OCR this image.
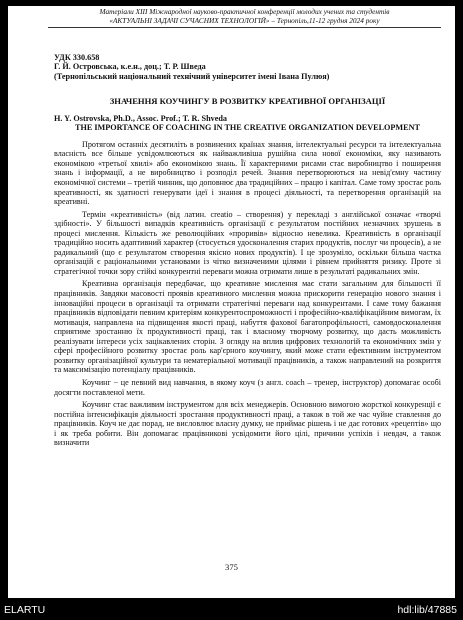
Матеріали XIII Міжнародної науково-практичної конференції молодих учених та студентів
«АКТУАЛЬНІ ЗАДАЧІ СУЧАСНИХ ТЕХНОЛОГІЙ» – Тернопіль,11-12 грудня 2024 року
УДК 330.658
Г. Й. Островська, к.е.н., доц.; Т. Р. Шведа
(Тернопільський національний технічний університет імені Івана Пулюя)
ЗНАЧЕННЯ КОУЧИНГУ В РОЗВИТКУ КРЕАТИВНОЇ ОРГАНІЗАЦІЇ
H. Y. Ostrovska, Ph.D., Assoc. Prof.; T. R. Shveda
THE IMPORTANCE OF COACHING IN THE CREATIVE ORGANIZATION DEVELOPMENT

Протягом останніх десятиліть в розвинених країнах знання, інтелектуальні ресурси та інтелектуальна власність все більше усвідомлюються як найважливіша рушійна сила нової економіки, яку називають економікою «третьої хвилі» або економікою знань. Її характерними рисами стає виробництво і поширення знань і інформації, а не виробництво і розподіл речей. Знання перетворюються на невід'ємну частину економічної системи – третій чинник, що доповнює два традиційних – працю і капітал. Саме тому зростає роль креативності, як здатності генерувати ідеї і знання в процесі діяльності, та перетворення організацій на креативні.

Термін «креативність» (від латин. creatio – створення) у перекладі з англійської означає «творчі здібності». У більшості випадків креативність організації є результатом постійних незначних зрушень в процесі мислення. Кількість же революційних «проривів» відносно невелика. Креативність в організації традиційно носить адаптивний характер (стосується удосконалення старих продуктів, послуг чи процесів), а не радикальний (що є результатом створення якісно нових продуктів). І це зрозуміло, оскільки більша частка організацій є раціональними установами із чітко визначеними цілями і рівнем прийняття ризику. Проте зі стратегічної точки зору стійкі конкурентні переваги можна отримати лише в результаті радикальних змін.

Креативна організація передбачає, що креативне мислення має стати загальним для більшості її працівників. Завдяки масовості проявів креативного мислення можна прискорити генерацію нового знання і інноваційні процеси в організації та отримати стратегічні переваги над конкурентами. І саме тому бажання працівників відповідати певним критеріям конкурентоспроможності і професійно-кваліфікаційним вимогам, їх мотивація, направлена на підвищення якості праці, набуття фахової багатопрофільності, самовдосконалення сприятиме зростанню їх продуктивності праці, так і власному творчому розвитку, що дасть можливість реалізувати інтереси усіх зацікавлених сторін. З огляду на вплив цифрових технологій та економічних змін у сфері професійного розвитку зростає роль кар'єрного коучингу, який може стати ефективним інструментом розвитку організаційної культури та нематеріальної мотивації працівників, а також направлений на розкриття та максимізацію потенціалу працівників.

Коучинг − це певний вид навчання, в якому коуч (з англ. coach – тренер, інструктор) допомагає особі досягти поставленої мети.

Коучинг стає важливим інструментом для всіх менеджерів. Основною вимогою жорсткої конкуренції є постійна інтенсифікація діяльності зростання продуктивності праці, а також в той же час чуйне ставлення до працівників. Коуч не дає порад, не висловлює власну думку, не приймає рішень і не дає готових «рецептів» що і як треба робити. Він допомагає працівникові усвідомити його цілі, причини успіхів і невдач, а також визначити

375
ELARTU	hdl:lib/47885
